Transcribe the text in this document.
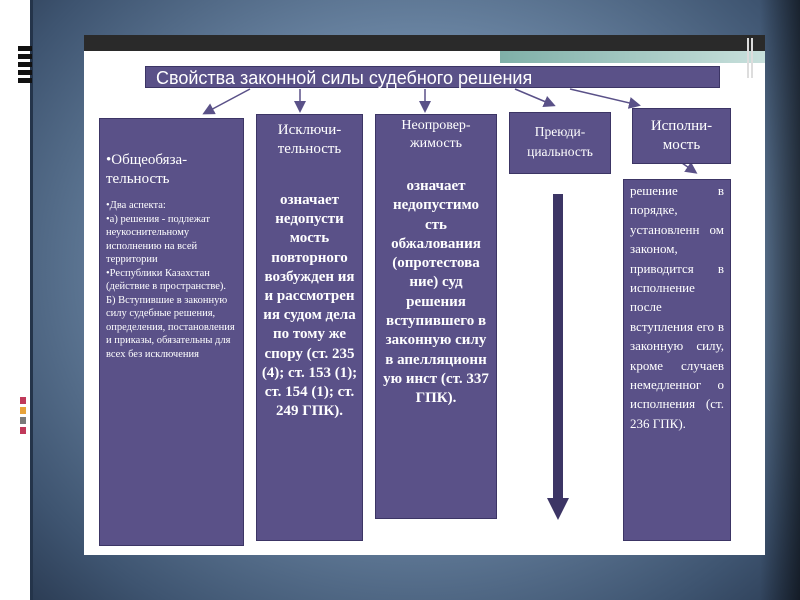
Свойства законной силы судебного решения
•Общеобяза-
тельность
•Два аспекта:
•а) решения - подлежат неукоснительному исполнению на всей территории
•Республики Казахстан (действие в пространстве).
Б) Вступившие в законную силу судебные решения, определения, постановления и приказы, обязательны для всех без исключения
Исключи-
тельность
означает недопусти мость повторного возбужден ия и рассмотрен ия судом дела по тому же спору (ст. 235 (4); ст. 153 (1); ст. 154 (1); ст. 249 ГПК).
Неопровер-
жимость
означает недопустимо сть обжалования (опротестова ние) суд решения вступившего в законную силу в апелляционн ую инст (ст. 337 ГПК).
Преюди-
циальность
Исполни-
мость
решение в порядке, установленн ом законом, приводится в исполнение после вступления его в законную силу, кроме случаев немедленног о исполнения (ст. 236 ГПК).
